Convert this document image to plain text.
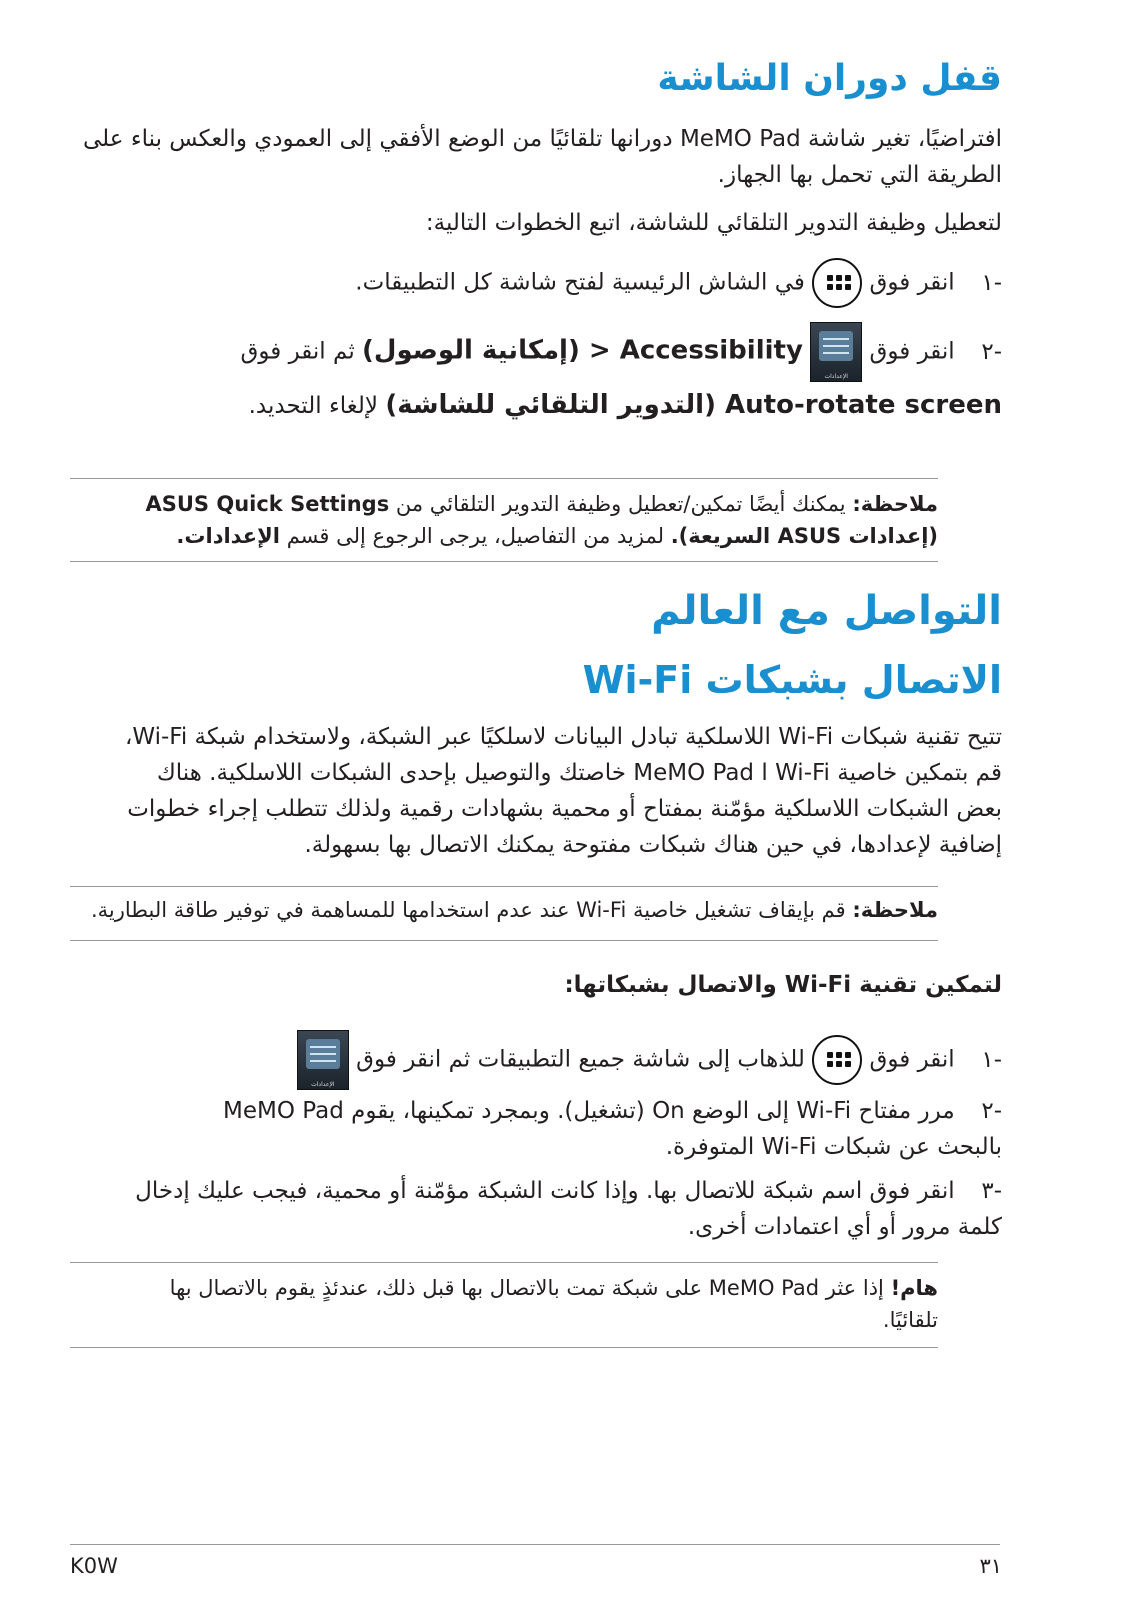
قفل دوران الشاشة
افتراضيًا، تغير شاشة MeMO Pad دورانها تلقائيًا من الوضع الأفقي إلى العمودي والعكس بناء على
الطريقة التي تحمل بها الجهاز.
لتعطيل وظيفة التدوير التلقائي للشاشة، اتبع الخطوات التالية:
-١ انقر فوق
في الشاش الرئيسية لفتح شاشة كل التطبيقات.
-٢ انقر فوق
الإعدادات
Accessibility < (إمكانية الوصول) ثم انقر فوق
Auto-rotate screen (التدوير التلقائي للشاشة) لإلغاء التحديد.
ملاحظة: يمكنك أيضًا تمكين/تعطيل وظيفة التدوير التلقائي من ASUS Quick Settings
(إعدادات ASUS السريعة). لمزيد من التفاصيل، يرجى الرجوع إلى قسم الإعدادات.
التواصل مع العالم
الاتصال بشبكات Wi-Fi
تتيح تقنية شبكات Wi-Fi اللاسلكية تبادل البيانات لاسلكيًا عبر الشبكة، ولاستخدام شبكة Wi-Fi،
قم بتمكين خاصية Wi-Fi ا MeMO Pad خاصتك والتوصيل بإحدى الشبكات اللاسلكية. هناك
بعض الشبكات اللاسلكية مؤمّنة بمفتاح أو محمية بشهادات رقمية ولذلك تتطلب إجراء خطوات
إضافية لإعدادها، في حين هناك شبكات مفتوحة يمكنك الاتصال بها بسهولة.
ملاحظة: قم بإيقاف تشغيل خاصية Wi-Fi عند عدم استخدامها للمساهمة في توفير طاقة البطارية.
لتمكين تقنية Wi-Fi والاتصال بشبكاتها:
-١ انقر فوق
للذهاب إلى شاشة جميع التطبيقات ثم انقر فوق
الإعدادات
-٢ مرر مفتاح Wi-Fi إلى الوضع On (تشغيل). وبمجرد تمكينها، يقوم MeMO Pad
بالبحث عن شبكات Wi-Fi المتوفرة.
-٣ انقر فوق اسم شبكة للاتصال بها. وإذا كانت الشبكة مؤمّنة أو محمية، فيجب عليك إدخال
كلمة مرور أو أي اعتمادات أخرى.
هام! إذا عثر MeMO Pad على شبكة تمت بالاتصال بها قبل ذلك، عندئذٍ يقوم بالاتصال بها
تلقائيًا.
K0W	٣١
